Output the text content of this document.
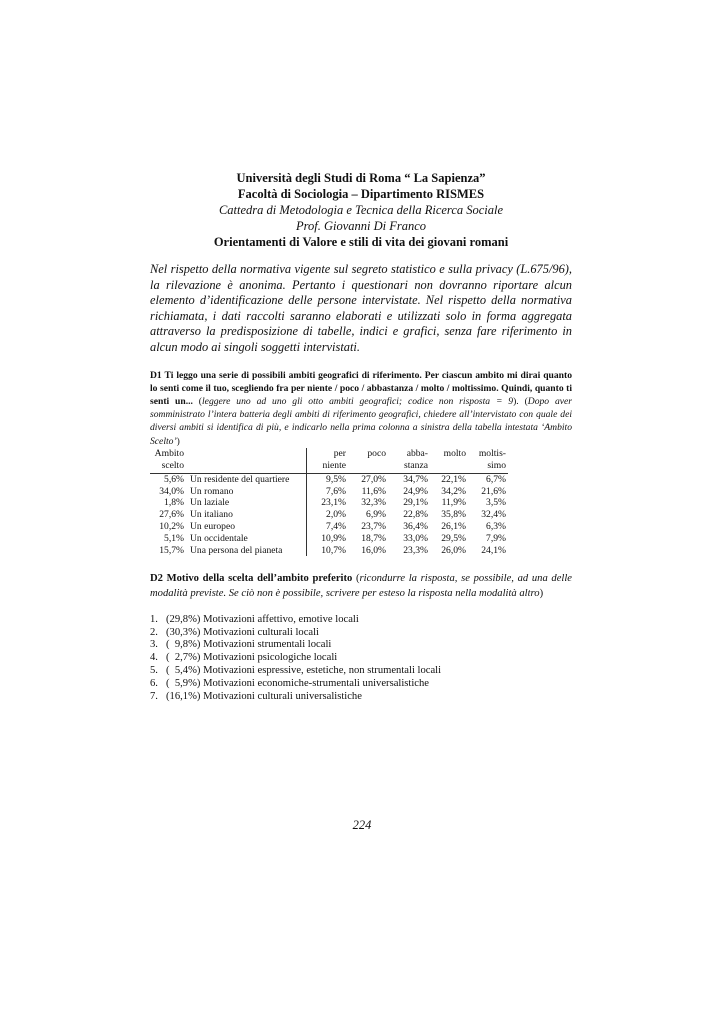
Università degli Studi di Roma “ La Sapienza”
Facoltà di Sociologia – Dipartimento RISMES
Cattedra di Metodologia e Tecnica della Ricerca Sociale
Prof. Giovanni Di Franco
Orientamenti di Valore e stili di vita dei giovani romani
Nel rispetto della normativa vigente sul segreto statistico e sulla privacy (L.675/96), la rilevazione è anonima. Pertanto i questionari non dovranno riportare alcun elemento d’identificazione delle persone intervistate. Nel rispetto della normativa richiamata, i dati raccolti saranno elaborati e utilizzati solo in forma aggregata attraverso la predisposizione di tabelle, indici e grafici, senza fare riferimento in alcun modo ai singoli soggetti intervistati.
D1 Ti leggo una serie di possibili ambiti geografici di riferimento. Per ciascun ambito mi dirai quanto lo senti come il tuo, scegliendo fra per niente / poco / abbastanza / molto / moltissimo. Quindi, quanto ti senti un... (leggere uno ad uno gli otto ambiti geografici; codice non risposta = 9). (Dopo aver somministrato l’intera batteria degli ambiti di riferimento geografici, chiedere all’intervistato con quale dei diversi ambiti si identifica di più, e indicarlo nella prima colonna a sinistra della tabella intestata ‘Ambito Scelto’)
Ambito		per	poco	abba-	molto	moltis-
scelto		niente		stanza		simo
5,6%	Un residente del quartiere	9,5%	27,0%	34,7%	22,1%	6,7%
34,0%	Un romano	7,6%	11,6%	24,9%	34,2%	21,6%
1,8%	Un laziale	23,1%	32,3%	29,1%	11,9%	3,5%
27,6%	Un italiano	2,0%	6,9%	22,8%	35,8%	32,4%
10,2%	Un europeo	7,4%	23,7%	36,4%	26,1%	6,3%
5,1%	Un occidentale	10,9%	18,7%	33,0%	29,5%	7,9%
15,7%	Una persona del pianeta	10,7%	16,0%	23,3%	26,0%	24,1%
D2 Motivo della scelta dell’ambito preferito (ricondurre la risposta, se possibile, ad una delle modalità previste. Se ciò non è possibile, scrivere per esteso la risposta nella modalità altro)
1. (29,8%) Motivazioni affettivo, emotive locali
2. (30,3%) Motivazioni culturali locali
3. (  9,8%) Motivazioni strumentali locali
4. (  2,7%) Motivazioni psicologiche locali
5. (  5,4%) Motivazioni espressive, estetiche, non strumentali locali
6. (  5,9%) Motivazioni economiche-strumentali universalistiche
7. (16,1%) Motivazioni culturali universalistiche
224
